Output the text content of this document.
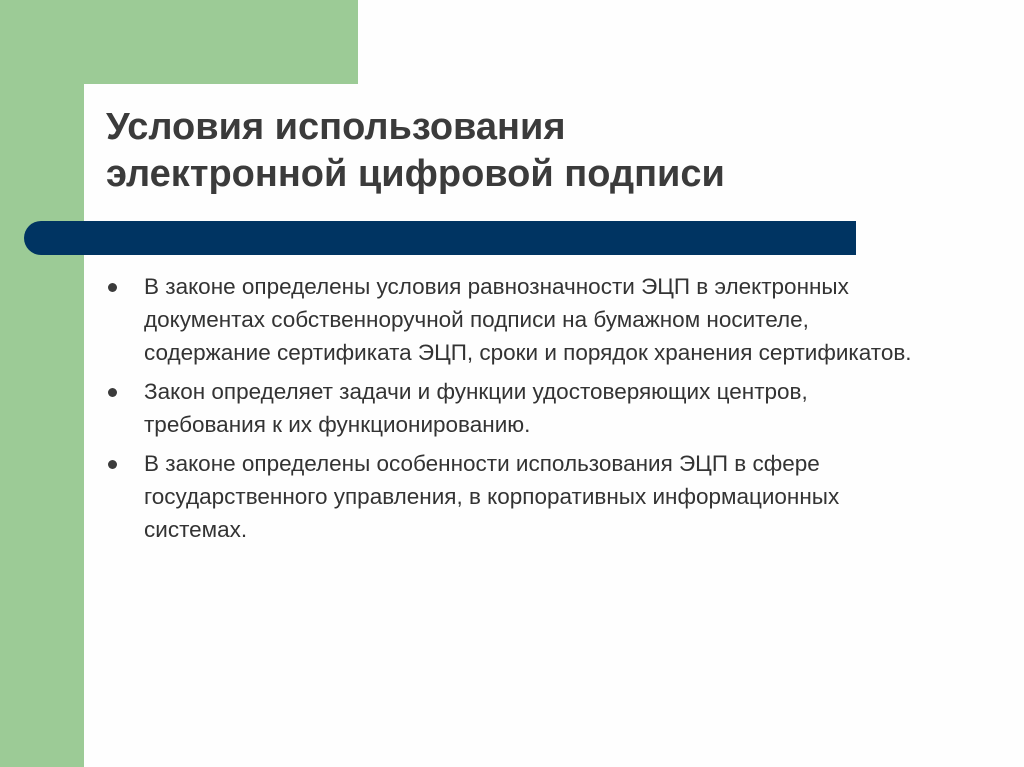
Условия использования
электронной цифровой подписи
В законе определены условия равнозначности ЭЦП в электронных документах собственноручной подписи на бумажном носителе, содержание сертификата ЭЦП, сроки и порядок хранения сертификатов.
Закон определяет задачи и функции удостоверяющих центров, требования к их функционированию.
В законе определены особенности использования ЭЦП в сфере государственного управления, в корпоративных информационных системах.
